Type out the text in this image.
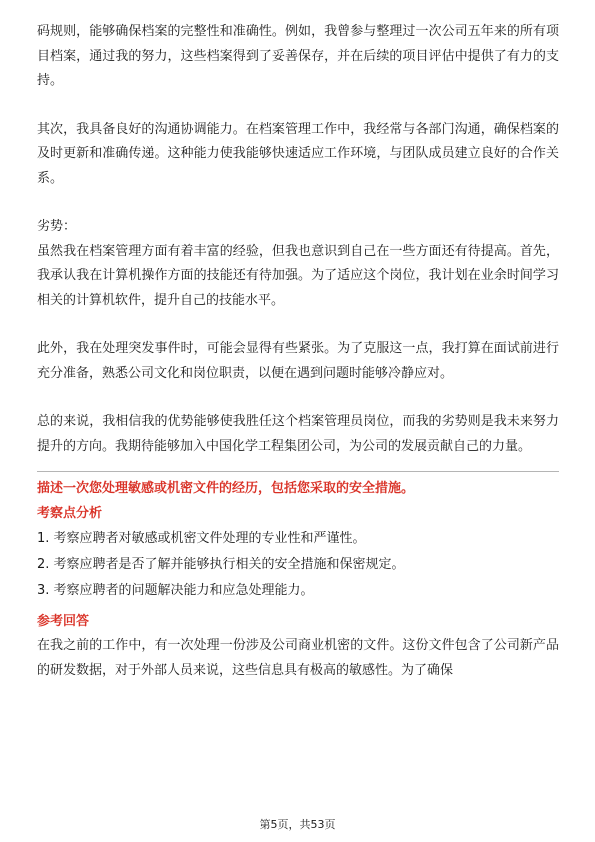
码规则，能够确保档案的完整性和准确性。例如，我曾参与整理过一次公司五年来的所有项目档案，通过我的努力，这些档案得到了妥善保存，并在后续的项目评估中提供了有力的支持。

其次，我具备良好的沟通协调能力。在档案管理工作中，我经常与各部门沟通，确保档案的及时更新和准确传递。这种能力使我能够快速适应工作环境，与团队成员建立良好的合作关系。

劣势：

虽然我在档案管理方面有着丰富的经验，但我也意识到自己在一些方面还有待提高。首先，我承认我在计算机操作方面的技能还有待加强。为了适应这个岗位，我计划在业余时间学习相关的计算机软件，提升自己的技能水平。

此外，我在处理突发事件时，可能会显得有些紧张。为了克服这一点，我打算在面试前进行充分准备，熟悉公司文化和岗位职责，以便在遇到问题时能够冷静应对。

总的来说，我相信我的优势能够使我胜任这个档案管理员岗位，而我的劣势则是我未来努力提升的方向。我期待能够加入中国化学工程集团公司，为公司的发展贡献自己的力量。

描述一次您处理敏感或机密文件的经历，包括您采取的安全措施。

考察点分析

1. 考察应聘者对敏感或机密文件处理的专业性和严谨性。
2. 考察应聘者是否了解并能够执行相关的安全措施和保密规定。
3. 考察应聘者的问题解决能力和应急处理能力。

参考回答

在我之前的工作中，有一次处理一份涉及公司商业机密的文件。这份文件包含了公司新产品的研发数据，对于外部人员来说，这些信息具有极高的敏感性。为了确保

第5页，共53页
